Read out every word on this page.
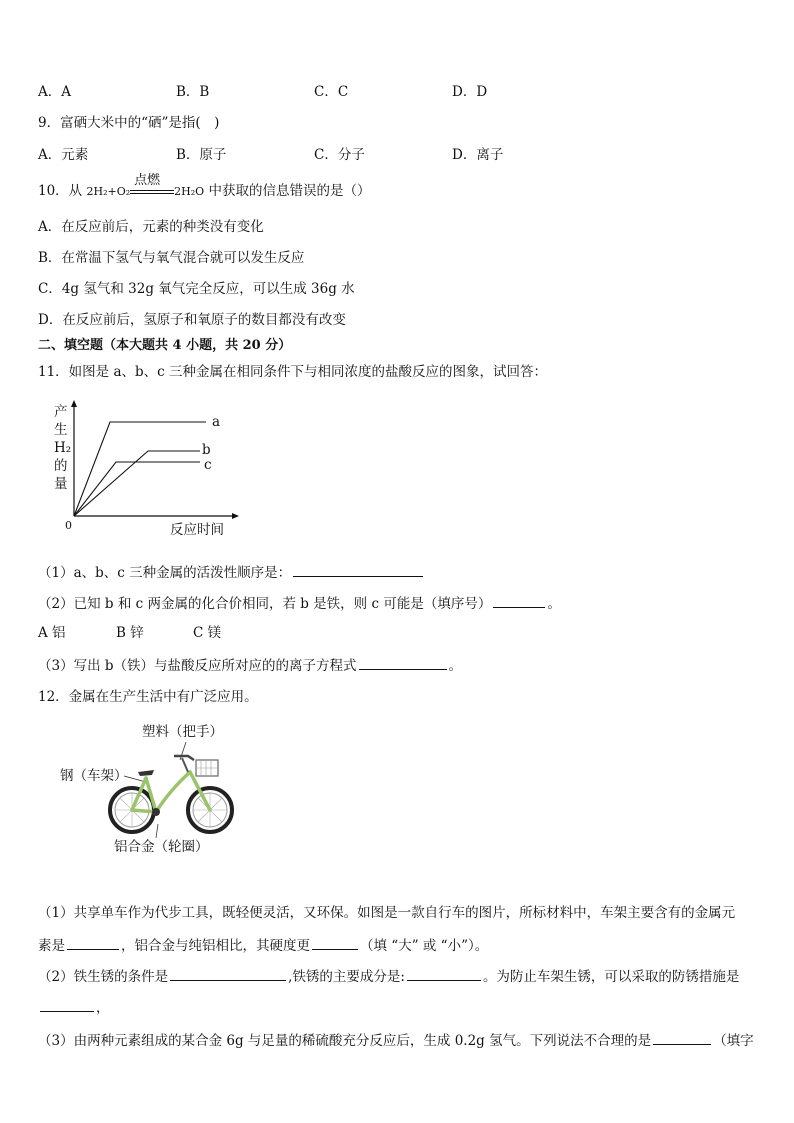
A．A	B．B	C．C	D．D
9．富硒大米中的“硒”是指(　)
A．元素	B．原子	C．分子	D．离子
10．从 2H₂+O₂
点燃
2H₂O 中获取的信息错误的是（）
A．在反应前后，元素的种类没有变化
B．在常温下氢气与氧气混合就可以发生反应
C．4g 氢气和 32g 氧气完全反应，可以生成 36g 水
D．在反应前后，氢原子和氧原子的数目都没有改变
二、填空题（本大题共 4 小题，共 20 分）
11．如图是 a、b、c 三种金属在相同条件下与相同浓度的盐酸反应的图象，试回答：
产
生
H₂
的
量
0	反应时间
a
b
c
（1）a、b、c 三种金属的活泼性顺序是：
（2）已知 b 和 c 两金属的化合价相同，若 b 是铁，则 c 可能是（填序号）	。
A 铝	B 锌	C 镁
（3）写出 b（铁）与盐酸反应所对应的的离子方程式	。
12．金属在生产生活中有广泛应用。
塑料（把手）
钢（车架）
铝合金（轮圈）
（1）共享单车作为代步工具，既轻便灵活，又环保。如图是一款自行车的图片，所标材料中，车架主要含有的金属元
素是	，铝合金与纯铝相比，其硬度更	（填 “大” 或 “小”）。
（2）铁生锈的条件是	,铁锈的主要成分是:	。为防止车架生锈，可以采取的防锈措施是
，
（3）由两种元素组成的某合金 6g 与足量的稀硫酸充分反应后，生成 0.2g 氢气。下列说法不合理的是	（填字
